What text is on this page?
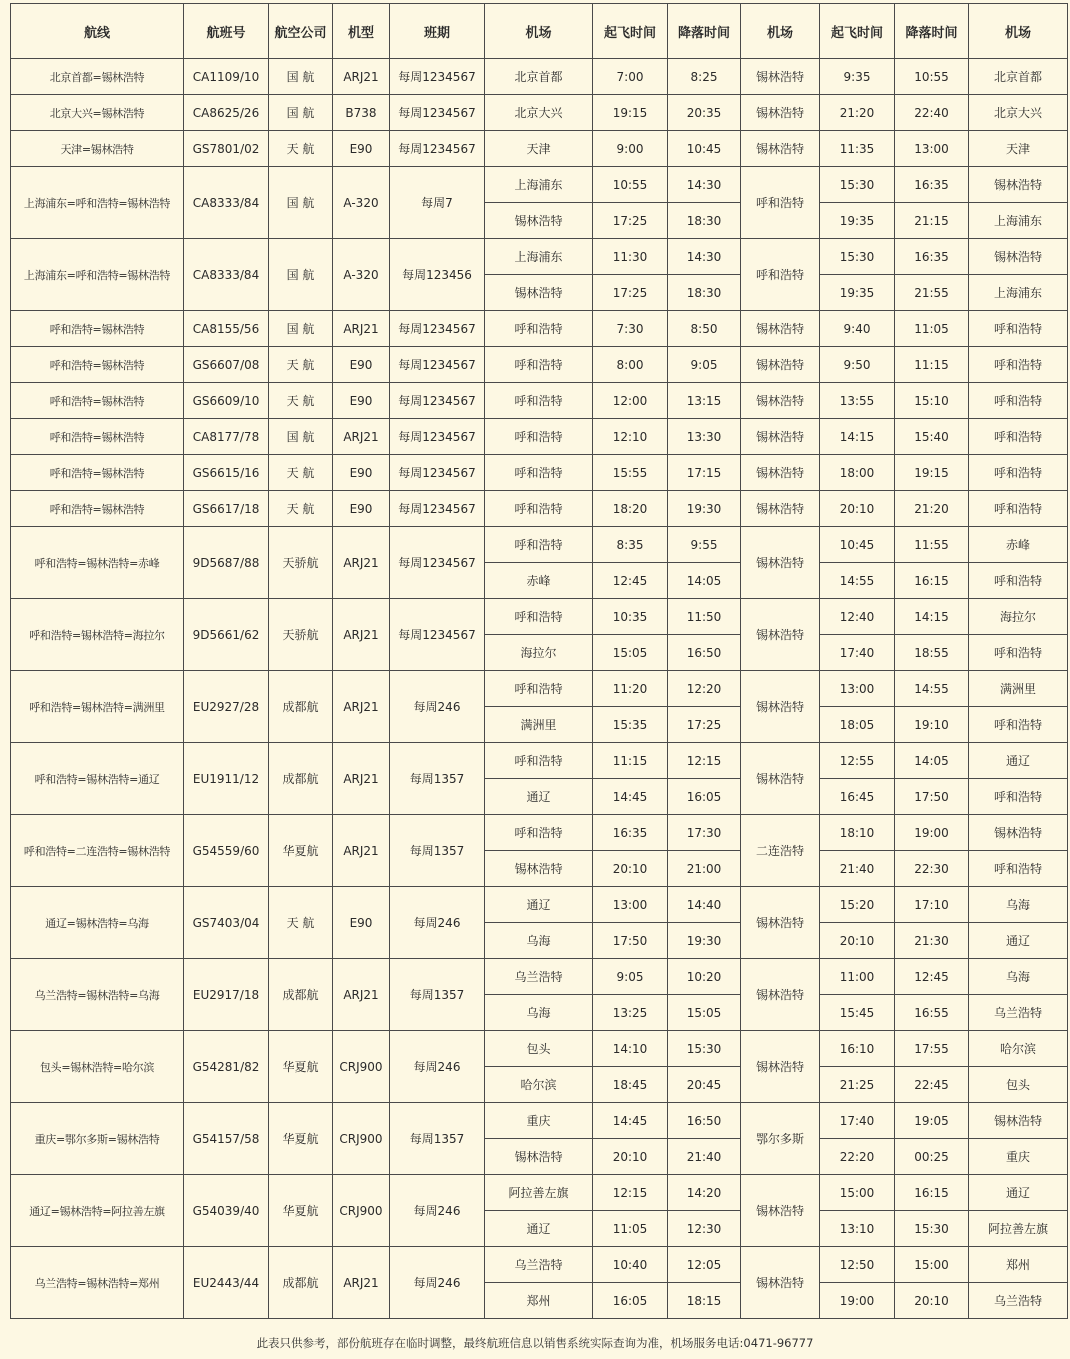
航线	航班号	航空公司	机型	班期	机场	起飞时间	降落时间	机场	起飞时间	降落时间	机场
北京首都=锡林浩特	CA1109/10	国 航	ARJ21	每周1234567	北京首都	7:00	8:25	锡林浩特	9:35	10:55	北京首都
北京大兴=锡林浩特	CA8625/26	国 航	B738	每周1234567	北京大兴	19:15	20:35	锡林浩特	21:20	22:40	北京大兴
天津=锡林浩特	GS7801/02	天 航	E90	每周1234567	天津	9:00	10:45	锡林浩特	11:35	13:00	天津
上海浦东=呼和浩特=锡林浩特	CA8333/84	国 航	A-320	每周7	上海浦东	10:55	14:30	呼和浩特	15:30	16:35	锡林浩特
					锡林浩特	17:25	18:30		19:35	21:15	上海浦东
上海浦东=呼和浩特=锡林浩特	CA8333/84	国 航	A-320	每周123456	上海浦东	11:30	14:30	呼和浩特	15:30	16:35	锡林浩特
					锡林浩特	17:25	18:30		19:35	21:55	上海浦东
呼和浩特=锡林浩特	CA8155/56	国 航	ARJ21	每周1234567	呼和浩特	7:30	8:50	锡林浩特	9:40	11:05	呼和浩特
呼和浩特=锡林浩特	GS6607/08	天 航	E90	每周1234567	呼和浩特	8:00	9:05	锡林浩特	9:50	11:15	呼和浩特
呼和浩特=锡林浩特	GS6609/10	天 航	E90	每周1234567	呼和浩特	12:00	13:15	锡林浩特	13:55	15:10	呼和浩特
呼和浩特=锡林浩特	CA8177/78	国 航	ARJ21	每周1234567	呼和浩特	12:10	13:30	锡林浩特	14:15	15:40	呼和浩特
呼和浩特=锡林浩特	GS6615/16	天 航	E90	每周1234567	呼和浩特	15:55	17:15	锡林浩特	18:00	19:15	呼和浩特
呼和浩特=锡林浩特	GS6617/18	天 航	E90	每周1234567	呼和浩特	18:20	19:30	锡林浩特	20:10	21:20	呼和浩特
呼和浩特=锡林浩特=赤峰	9D5687/88	天骄航	ARJ21	每周1234567	呼和浩特	8:35	9:55	锡林浩特	10:45	11:55	赤峰
					赤峰	12:45	14:05		14:55	16:15	呼和浩特
呼和浩特=锡林浩特=海拉尔	9D5661/62	天骄航	ARJ21	每周1234567	呼和浩特	10:35	11:50	锡林浩特	12:40	14:15	海拉尔
					海拉尔	15:05	16:50		17:40	18:55	呼和浩特
呼和浩特=锡林浩特=满洲里	EU2927/28	成都航	ARJ21	每周246	呼和浩特	11:20	12:20	锡林浩特	13:00	14:55	满洲里
					满洲里	15:35	17:25		18:05	19:10	呼和浩特
呼和浩特=锡林浩特=通辽	EU1911/12	成都航	ARJ21	每周1357	呼和浩特	11:15	12:15	锡林浩特	12:55	14:05	通辽
					通辽	14:45	16:05		16:45	17:50	呼和浩特
呼和浩特=二连浩特=锡林浩特	G54559/60	华夏航	ARJ21	每周1357	呼和浩特	16:35	17:30	二连浩特	18:10	19:00	锡林浩特
					锡林浩特	20:10	21:00		21:40	22:30	呼和浩特
通辽=锡林浩特=乌海	GS7403/04	天 航	E90	每周246	通辽	13:00	14:40	锡林浩特	15:20	17:10	乌海
					乌海	17:50	19:30		20:10	21:30	通辽
乌兰浩特=锡林浩特=乌海	EU2917/18	成都航	ARJ21	每周1357	乌兰浩特	9:05	10:20	锡林浩特	11:00	12:45	乌海
					乌海	13:25	15:05		15:45	16:55	乌兰浩特
包头=锡林浩特=哈尔滨	G54281/82	华夏航	CRJ900	每周246	包头	14:10	15:30	锡林浩特	16:10	17:55	哈尔滨
					哈尔滨	18:45	20:45		21:25	22:45	包头
重庆=鄂尔多斯=锡林浩特	G54157/58	华夏航	CRJ900	每周1357	重庆	14:45	16:50	鄂尔多斯	17:40	19:05	锡林浩特
					锡林浩特	20:10	21:40		22:20	00:25	重庆
通辽=锡林浩特=阿拉善左旗	G54039/40	华夏航	CRJ900	每周246	阿拉善左旗	12:15	14:20	锡林浩特	15:00	16:15	通辽
					通辽	11:05	12:30		13:10	15:30	阿拉善左旗
乌兰浩特=锡林浩特=郑州	EU2443/44	成都航	ARJ21	每周246	乌兰浩特	10:40	12:05	锡林浩特	12:50	15:00	郑州
					郑州	16:05	18:15		19:00	20:10	乌兰浩特
此表只供参考，部份航班存在临时调整，最终航班信息以销售系统实际查询为准，机场服务电话:0471-96777
